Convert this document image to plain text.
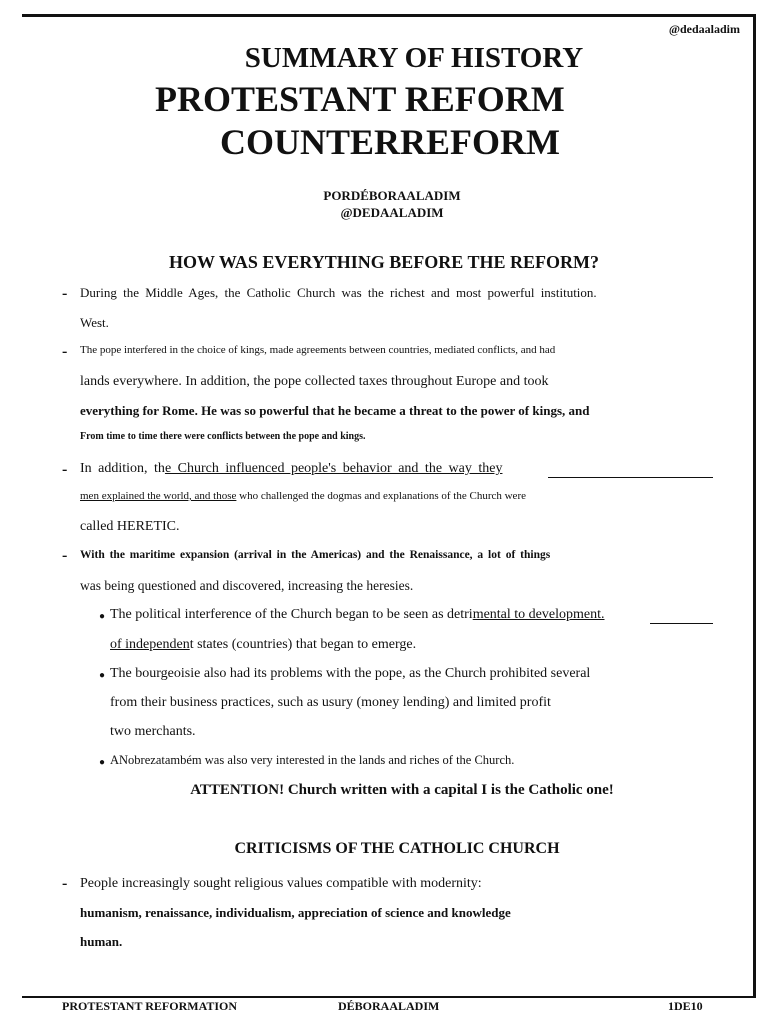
@dedaaladim
SUMMARY OF HISTORY
PROTESTANT REFORM
COUNTERREFORM
PORDÉBORAALADIM
@DEDAALADIM
HOW WAS EVERYTHING BEFORE THE REFORM?
- During the Middle Ages, the Catholic Church was the richest and most powerful institution.
West.
- The pope interfered in the choice of kings, made agreements between countries, mediated conflicts, and had
lands everywhere. In addition, the pope collected taxes throughout Europe and took
everything for Rome. He was so powerful that he became a threat to the power of kings, and
From time to time there were conflicts between the pope and kings.
- In addition, the Church influenced people's behavior and the way they
men explained the world, and those who challenged the dogmas and explanations of the Church were
called HERETIC.
- With the maritime expansion (arrival in the Americas) and the Renaissance, a lot of things
was being questioned and discovered, increasing the heresies.
● The political interference of the Church began to be seen as detrimental to development.
of independent states (countries) that began to emerge.
● The bourgeoisie also had its problems with the pope, as the Church prohibited several
from their business practices, such as usury (money lending) and limited profit
two merchants.
● ANobrezatambém was also very interested in the lands and riches of the Church.
ATTENTION! Church written with a capital I is the Catholic one!
CRITICISMS OF THE CATHOLIC CHURCH
- People increasingly sought religious values compatible with modernity:
humanism, renaissance, individualism, appreciation of science and knowledge
human.
PROTESTANT REFORMATION	DÉBORAALADIM	1DE10
